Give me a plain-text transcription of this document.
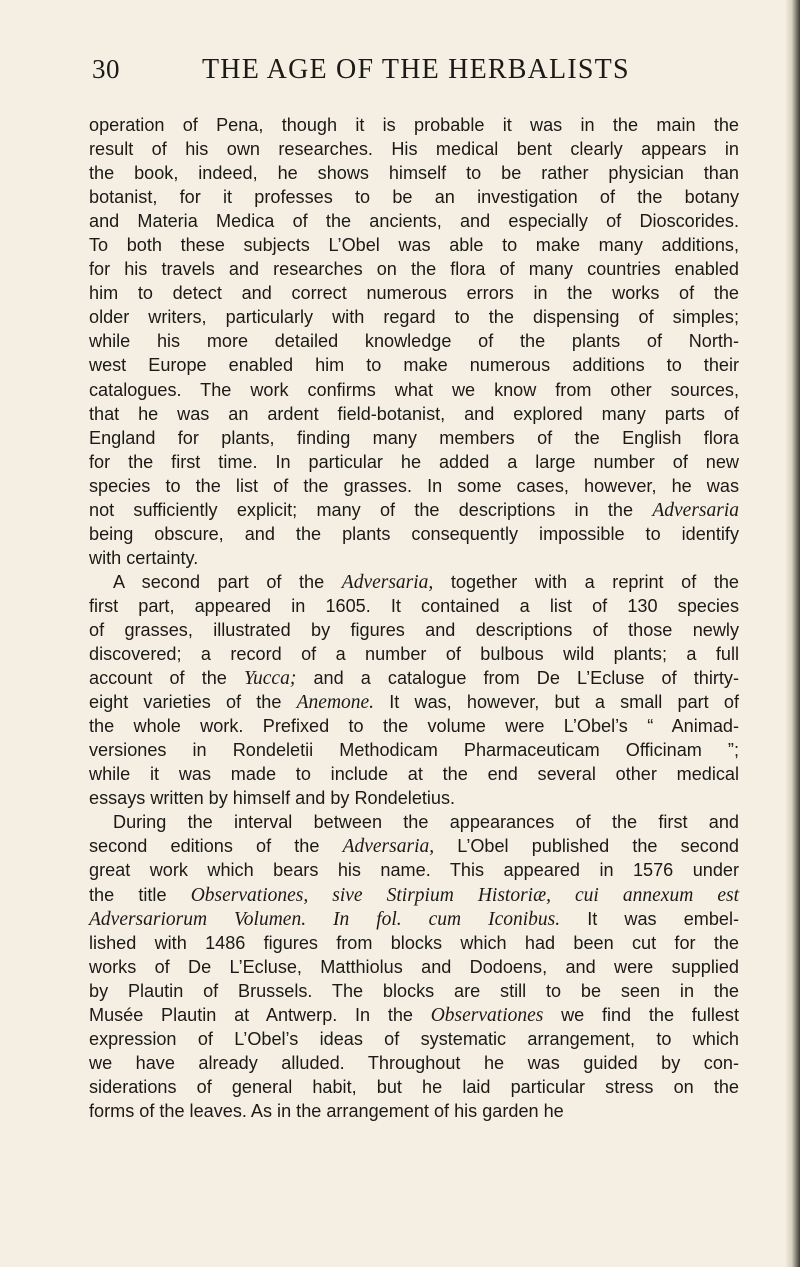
30	THE AGE OF THE HERBALISTS
operation of Pena, though it is probable it was in the main the
result of his own researches. His medical bent clearly appears in
the book, indeed, he shows himself to be rather physician than
botanist, for it professes to be an investigation of the botany
and Materia Medica of the ancients, and especially of Dioscorides.
To both these subjects L’Obel was able to make many additions,
for his travels and researches on the flora of many countries enabled
him to detect and correct numerous errors in the works of the
older writers, particularly with regard to the dispensing of simples;
while his more detailed knowledge of the plants of North-
west Europe enabled him to make numerous additions to their
catalogues. The work confirms what we know from other sources,
that he was an ardent field-botanist, and explored many parts of
England for plants, finding many members of the English flora
for the first time. In particular he added a large number of new
species to the list of the grasses. In some cases, however, he was
not sufficiently explicit; many of the descriptions in the Adversaria
being obscure, and the plants consequently impossible to identify
with certainty.
A second part of the Adversaria, together with a reprint of the
first part, appeared in 1605. It contained a list of 130 species
of grasses, illustrated by figures and descriptions of those newly
discovered; a record of a number of bulbous wild plants; a full
account of the Yucca; and a catalogue from De L’Ecluse of thirty-
eight varieties of the Anemone. It was, however, but a small part of
the whole work. Prefixed to the volume were L’Obel’s “ Animad-
versiones in Rondeletii Methodicam Pharmaceuticam Officinam ”;
while it was made to include at the end several other medical
essays written by himself and by Rondeletius.
During the interval between the appearances of the first and
second editions of the Adversaria, L’Obel published the second
great work which bears his name. This appeared in 1576 under
the title Observationes, sive Stirpium Historiæ, cui annexum est
Adversariorum Volumen. In fol. cum Iconibus. It was embel-
lished with 1486 figures from blocks which had been cut for the
works of De L’Ecluse, Matthiolus and Dodoens, and were supplied
by Plautin of Brussels. The blocks are still to be seen in the
Musée Plautin at Antwerp. In the Observationes we find the fullest
expression of L’Obel’s ideas of systematic arrangement, to which
we have already alluded. Throughout he was guided by con-
siderations of general habit, but he laid particular stress on the
forms of the leaves. As in the arrangement of his garden he
